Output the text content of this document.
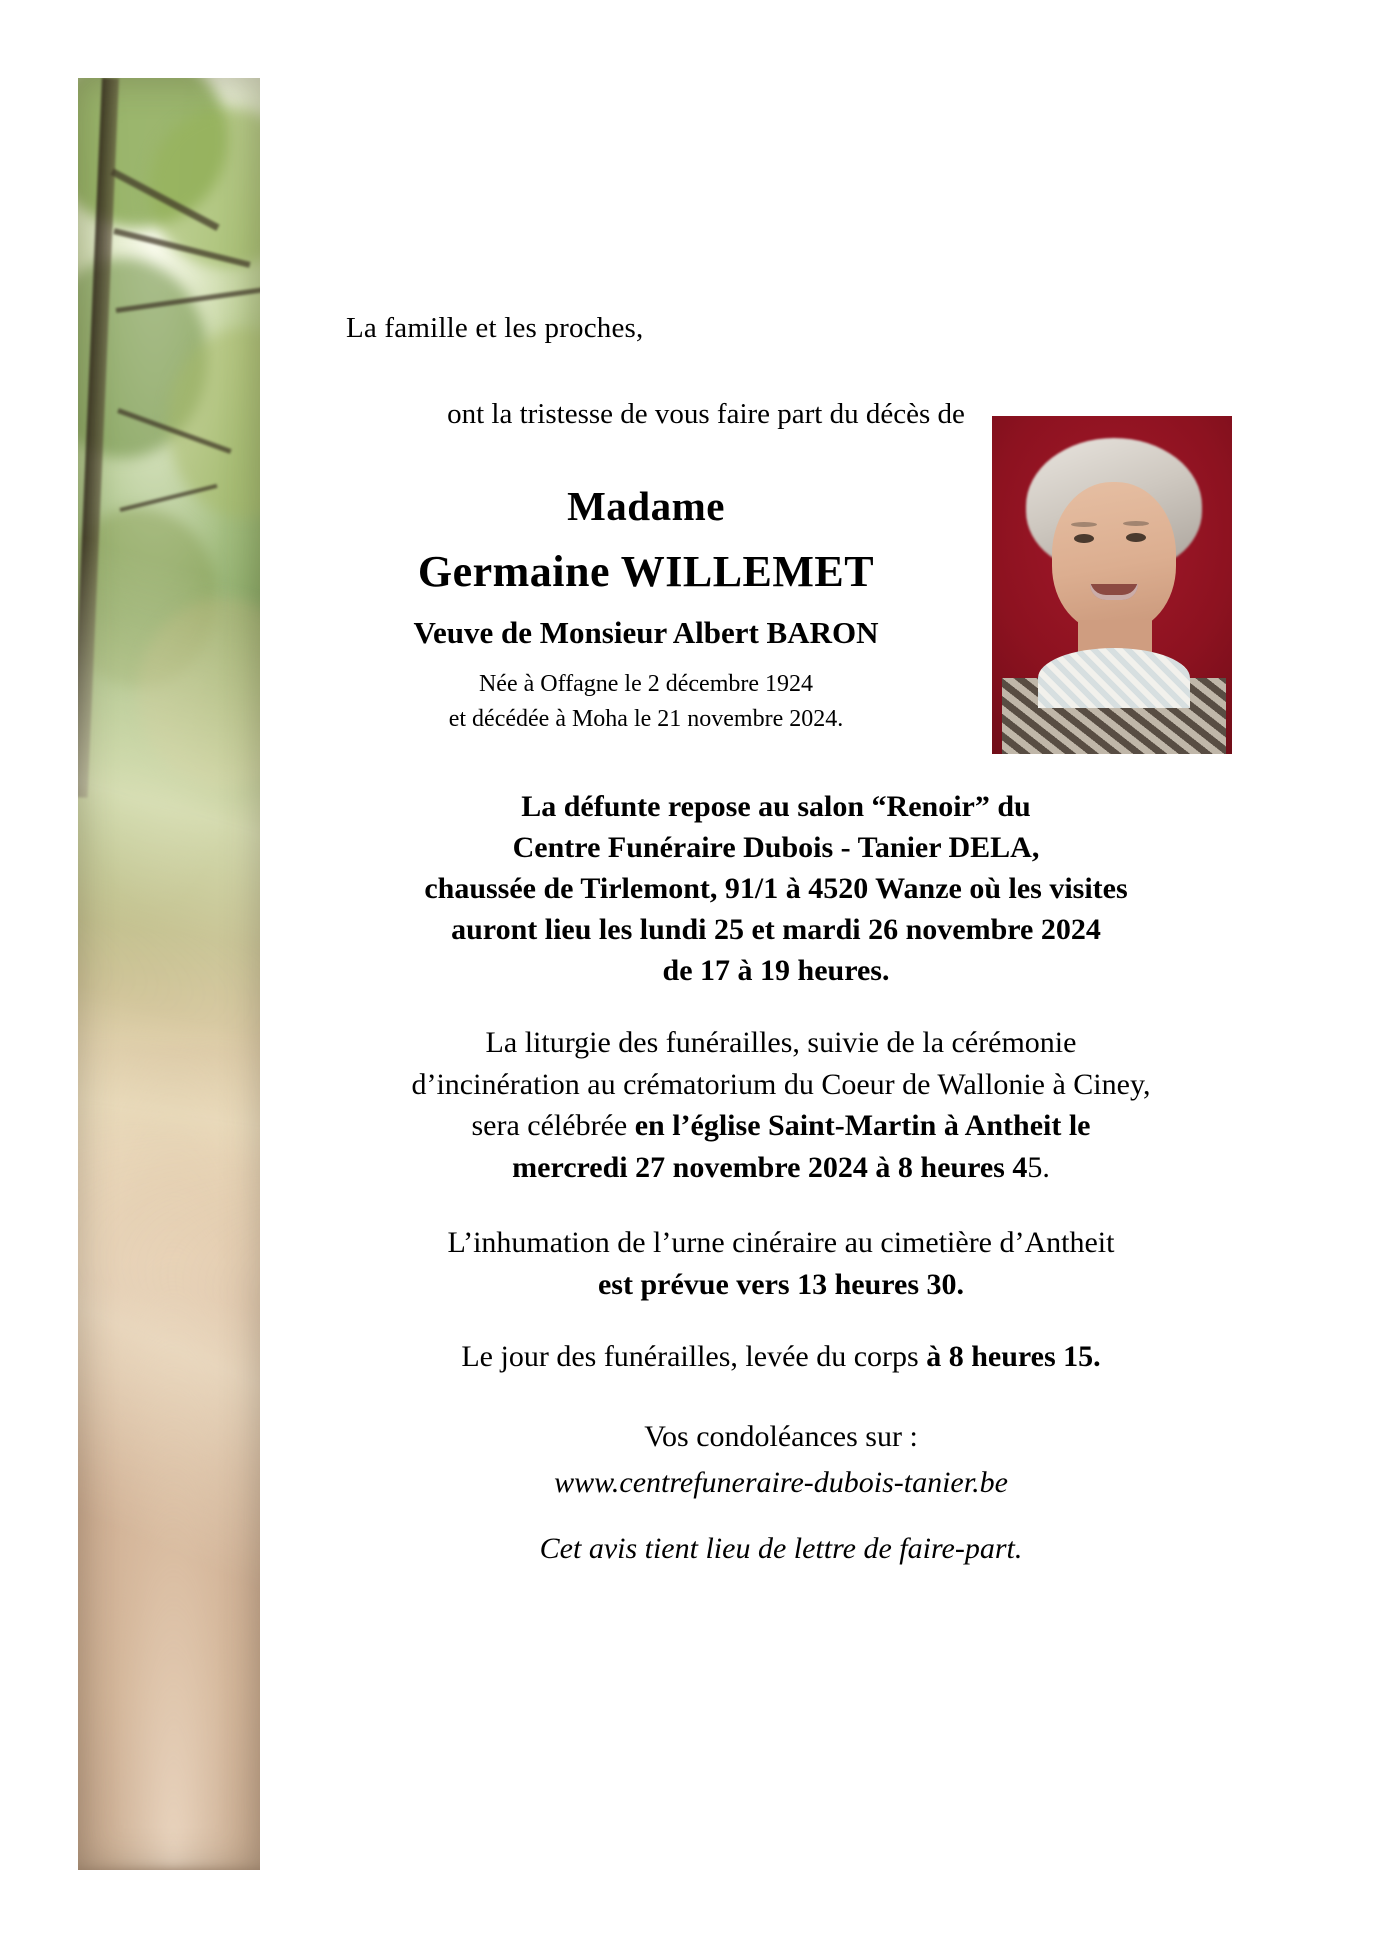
La famille et les proches,
ont la tristesse de vous faire part du décès de
Madame
Germaine WILLEMET
Veuve de Monsieur Albert BARON
Née à Offagne le 2 décembre 1924
et décédée à Moha le 21 novembre 2024.
La défunte repose au salon “Renoir” du
Centre Funéraire Dubois - Tanier DELA,
chaussée de Tirlemont, 91/1 à 4520 Wanze où les visites
auront lieu les lundi 25 et mardi 26 novembre 2024
de 17 à 19 heures.
La liturgie des funérailles, suivie de la cérémonie
d’incinération au crématorium du Coeur de Wallonie à Ciney,
sera célébrée en l’église Saint-Martin à Antheit le
mercredi 27 novembre 2024 à 8 heures 45.
L’inhumation de l’urne cinéraire au cimetière d’Antheit
est prévue vers 13 heures 30.
Le jour des funérailles, levée du corps à 8 heures 15.
Vos condoléances sur :
www.centrefuneraire-dubois-tanier.be
Cet avis tient lieu de lettre de faire-part.
